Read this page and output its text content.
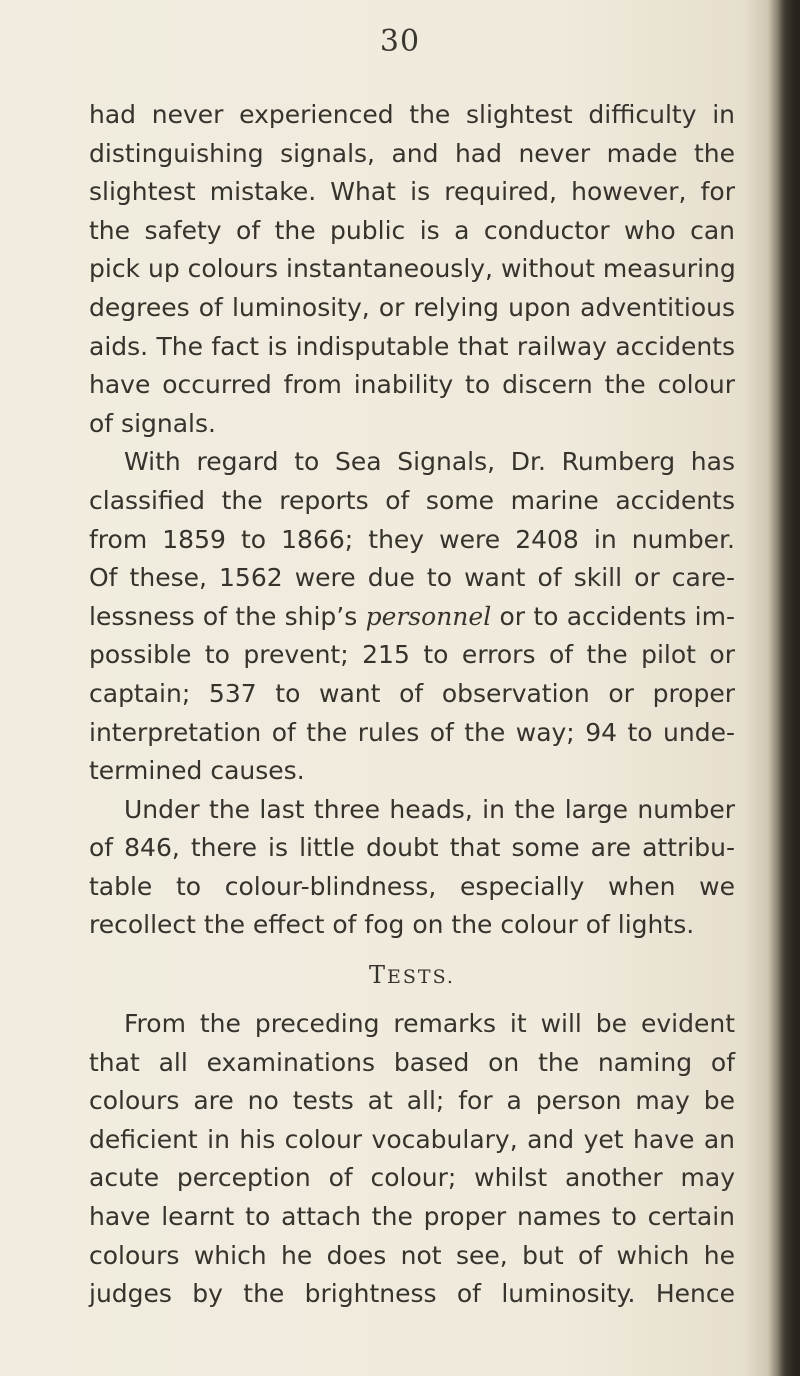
30
had never experienced the slightest difficulty in
distinguishing signals, and had never made the
slightest mistake. What is required, however, for
the safety of the public is a conductor who can
pick up colours instantaneously, without measuring
degrees of luminosity, or relying upon adventitious
aids. The fact is indisputable that railway accidents
have occurred from inability to discern the colour
of signals.
With regard to Sea Signals, Dr. Rumberg has
classified the reports of some marine accidents
from 1859 to 1866; they were 2408 in number.
Of these, 1562 were due to want of skill or care-
lessness of the ship’s personnel or to accidents im-
possible to prevent; 215 to errors of the pilot or
captain; 537 to want of observation or proper
interpretation of the rules of the way; 94 to unde-
termined causes.
Under the last three heads, in the large number
of 846, there is little doubt that some are attribu-
table to colour-blindness, especially when we
recollect the effect of fog on the colour of lights.
TESTS.
From the preceding remarks it will be evident
that all examinations based on the naming of
colours are no tests at all; for a person may be
deficient in his colour vocabulary, and yet have an
acute perception of colour; whilst another may
have learnt to attach the proper names to certain
colours which he does not see, but of which he
judges by the brightness of luminosity. Hence
